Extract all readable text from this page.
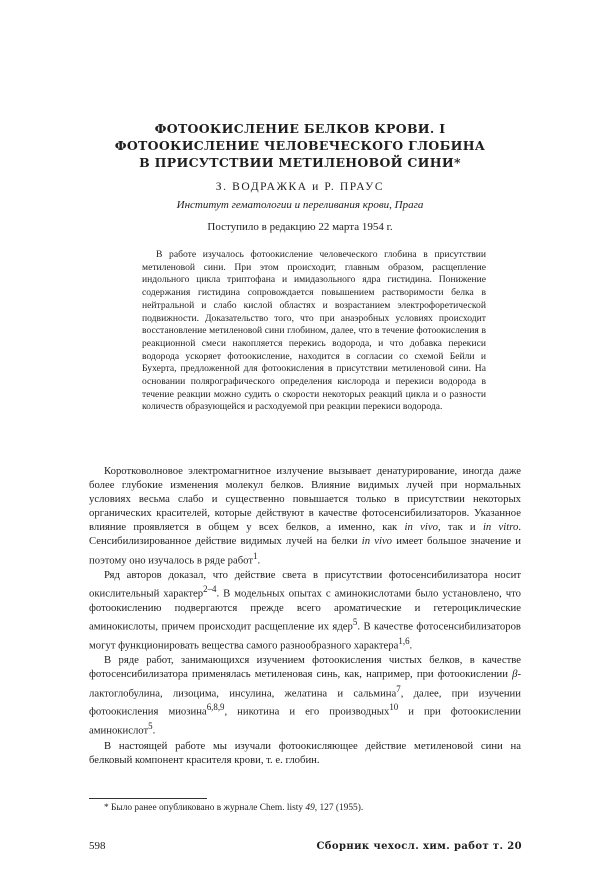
ФОТООКИСЛЕНИЕ БЕЛКОВ КРОВИ. I
ФОТООКИСЛЕНИЕ ЧЕЛОВЕЧЕСКОГО ГЛОБИНА
В ПРИСУТСТВИИ МЕТИЛЕНОВОЙ СИНИ*
З. ВОДРАЖКА и Р. ПРАУС
Институт гематологии и переливания крови, Прага
Поступило в редакцию 22 марта 1954 г.

В работе изучалось фотоокисление человеческого глобина в присутствии метиленовой сини. При этом происходит, главным образом, расщепление индольного цикла триптофана и имидазольного ядра гистидина. Понижение содержания гистидина сопровождается повышением растворимости белка в нейтральной и слабо кислой областях и возрастанием электрофоретической подвижности. Доказательство того, что при анаэробных условиях происходит восстановление метиленовой сини глобином, далее, что в течение фотоокисления в реакционной смеси накопляется перекись водорода, и что добавка перекиси водорода ускоряет фотоокисление, находится в согласии со схемой Бейли и Бухерта, предложенной для фотоокисления в присутствии метиленовой сини. На основании полярографического определения кислорода и перекиси водорода в течение реакции можно судить о скорости некоторых реакций цикла и о разности количеств образующейся и расходуемой при реакции перекиси водорода.

Коротковолновое электромагнитное излучение вызывает денатурирование, иногда даже более глубокие изменения молекул белков. Влияние видимых лучей при нормальных условиях весьма слабо и существенно повышается только в присутствии некоторых органических красителей, которые действуют в качестве фотосенсибилизаторов. Указанное влияние проявляется в общем у всех белков, а именно, как in vivo, так и in vitro. Сенсибилизированное действие видимых лучей на белки in vivo имеет большое значение и поэтому оно изучалось в ряде работ$^1$.

Ряд авторов доказал, что действие света в присутствии фотосенсибилизатора носит окислительный характер$^{2-4}$. В модельных опытах с аминокислотами было установлено, что фотоокислению подвергаются прежде всего ароматические и гетероциклические аминокислоты, причем происходит расщепление их ядер$^5$. В качестве фотосенсибилизаторов могут функционировать вещества самого разнообразного характера$^{1,6}$.

В ряде работ, занимающихся изучением фотоокисления чистых белков, в качестве фотосенсибилизатора применялась метиленовая синь, как, например, при фотоокислении β-лактоглобулина, лизоцима, инсулина, желатина и сальмина$^7$, далее, при изучении фотоокисления миозина$^{6,8,9}$, никотина и его производных$^{10}$ и при фотоокислении аминокислот$^5$.

В настоящей работе мы изучали фотоокисляющее действие метиленовой сини на белковый компонент красителя крови, т. е. глобин.

* Было ранее опубликовано в журнале Chem. listy 49, 127 (1955).
598	Сборник чехосл. хим. работ т. 20
